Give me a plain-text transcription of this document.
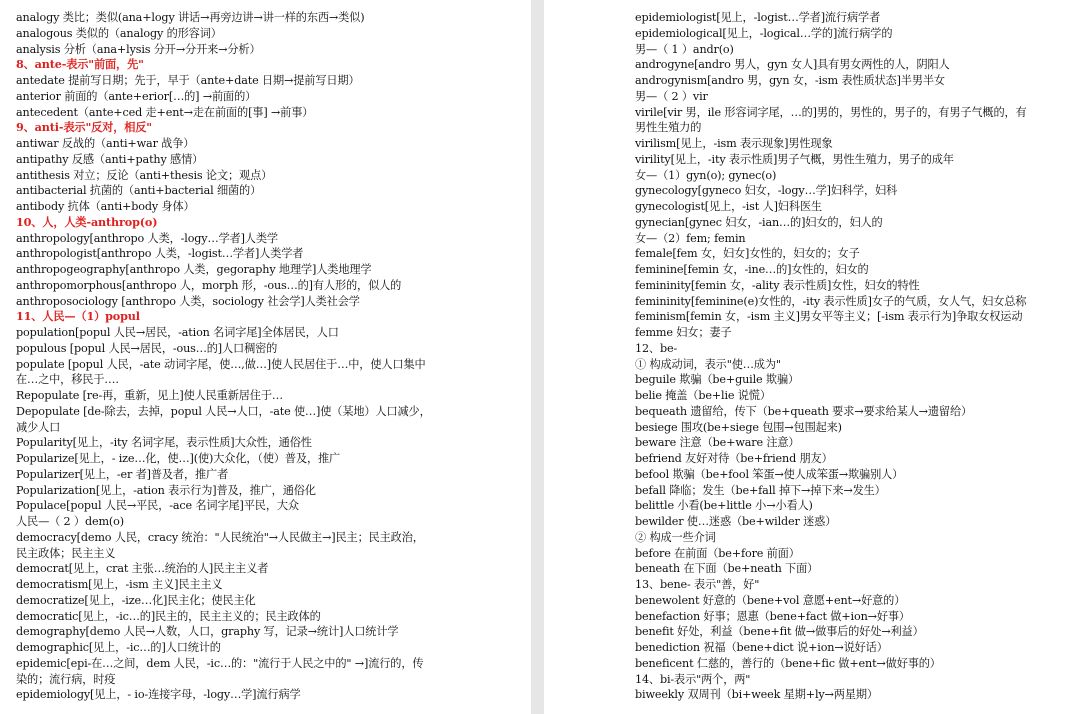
analogy 类比；类似(ana+logy 讲话→再旁边讲→讲一样的东西→类似)
analogous 类似的（analogy 的形容词）
analysis 分析（ana+lysis 分开→分开来→分析）
8、ante-表示"前面，先"
antedate 提前写日期；先于，早于（ante+date 日期→提前写日期）
anterior 前面的（ante+erior[…的] →前面的）
antecedent（ante+ced 走+ent→走在前面的[事] →前事）
9、anti-表示"反对，相反"
antiwar 反战的（anti+war 战争）
antipathy 反感（anti+pathy 感情）
antithesis 对立；反论（anti+thesis 论文；观点）
antibacterial 抗菌的（anti+bacterial 细菌的）
antibody 抗体（anti+body 身体）
10、人，人类-anthrop(o)
anthropology[anthropo 人类，-logy…学者]人类学
anthropologist[anthropo 人类，-logist…学者]人类学者
anthropogeography[anthropo 人类，gegoraphy 地理学]人类地理学
anthropomorphous[anthropo 人，morph 形，-ous…的]有人形的，似人的
anthroposociology [anthropo 人类，sociology 社会学]人类社会学
11、人民—（1）popul
population[popul 人民→居民，-ation 名词字尾]全体居民，人口
populous [popul 人民→居民，-ous…的]人口稠密的
populate [popul 人民，-ate 动词字尾，使…,做…]使人民居住于…中，使人口集中
在…之中，移民于….
Repopulate [re-再，重新，见上]使人民重新居住于…
Depopulate [de-除去，去掉，popul 人民→人口，-ate 使…]使（某地）人口减少，
减少人口
Popularity[见上，-ity 名词字尾，表示性质]大众性，通俗性
Popularize[见上，- ize…化，使…](使)大众化，（使）普及，推广
Popularizer[见上，-er 者]普及者，推广者
Popularization[见上，-ation 表示行为]普及，推广，通俗化
Populace[popul 人民→平民，-ace 名词字尾]平民，大众
人民—（ 2 ）dem(o)
democracy[demo 人民，cracy 统治："人民统治"→人民做主→]民主；民主政治，
民主政体；民主主义
democrat[见上，crat 主张…统治的人]民主主义者
democratism[见上，-ism 主义]民主主义
democratize[见上，-ize…化]民主化；使民主化
democratic[见上，-ic…的]民主的，民主主义的；民主政体的
demography[demo 人民→人数，人口，graphy 写，记录→统计]人口统计学
demographic[见上，-ic…的]人口统计的
epidemic[epi-在…之间，dem 人民，-ic…的："流行于人民之中的" →]流行的，传
染的；流行病，时疫
epidemiology[见上，- io-连接字母，-logy…学]流行病学
epidemiologist[见上，-logist…学者]流行病学者
epidemiological[见上，-logical…学的]流行病学的
男—（ 1 ）andr(o)
androgyne[andro 男人，gyn 女人]具有男女两性的人，阴阳人
androgynism[andro 男，gyn 女，-ism 表性质状态]半男半女
男—（ 2 ）vir
virile[vir 男，ile 形容词字尾，…的]男的，男性的，男子的，有男子气概的，有
男性生殖力的
virilism[见上，-ism 表示现象]男性现象
virility[见上，-ity 表示性质]男子气概，男性生殖力，男子的成年
女—（1）gyn(o); gynec(o)
gynecology[gyneco 妇女，-logy…学]妇科学，妇科
gynecologist[见上，-ist 人]妇科医生
gynecian[gynec 妇女，-ian…的]妇女的，妇人的
女—（2）fem; femin
female[fem 女，妇女]女性的，妇女的；女子
feminine[femin 女，-ine…的]女性的，妇女的
femininity[femin 女，-ality 表示性质]女性，妇女的特性
femininity[feminine(e)女性的，-ity 表示性质]女子的气质，女人气，妇女总称
feminism[femin 女，-ism 主义]男女平等主义；[-ism 表示行为]争取女权运动
femme 妇女；妻子
12、be-
① 构成动词，表示"使…成为"
beguile 欺骗（be+guile 欺骗）
belie 掩盖（be+lie 说慌）
bequeath 遗留给，传下（be+queath 要求→要求给某人→遗留给）
besiege 围攻(be+siege 包围→包围起来)
beware 注意（be+ware 注意）
befriend 友好对待（be+friend 朋友）
befool 欺骗（be+fool 笨蛋→使人成笨蛋→欺骗别人）
befall 降临；发生（be+fall 掉下→掉下来→发生）
belittle 小看(be+little 小→小看人)
bewilder 使…迷惑（be+wilder 迷惑）
② 构成一些介词
before 在前面（be+fore 前面）
beneath 在下面（be+neath 下面）
13、bene- 表示"善，好"
benewolent 好意的（bene+vol 意愿+ent→好意的）
benefaction 好事；恩惠（bene+fact 做+ion→好事）
benefit 好处，利益（bene+fit 做→做事后的好处→利益）
benediction 祝福（bene+dict 说+ion→说好话）
beneficent 仁慈的，善行的（bene+fic 做+ent→做好事的）
14、bi-表示"两个，两"
biweekly 双周刊（bi+week 星期+ly→两星期）
